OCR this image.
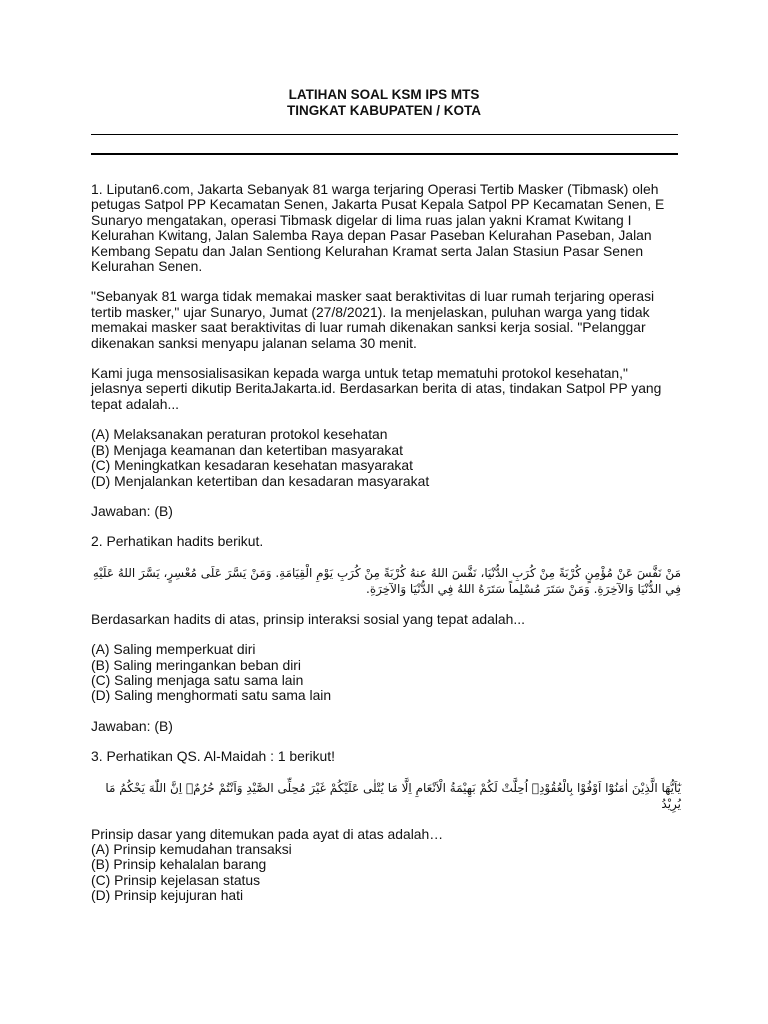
LATIHAN SOAL KSM IPS MTS
TINGKAT KABUPATEN / KOTA

1. Liputan6.com, Jakarta Sebanyak 81 warga terjaring Operasi Tertib Masker (Tibmask) oleh petugas Satpol PP Kecamatan Senen, Jakarta Pusat Kepala Satpol PP Kecamatan Senen, E Sunaryo mengatakan, operasi Tibmask digelar di lima ruas jalan yakni Kramat Kwitang I Kelurahan Kwitang, Jalan Salemba Raya depan Pasar Paseban Kelurahan Paseban, Jalan Kembang Sepatu dan Jalan Sentiong Kelurahan Kramat serta Jalan Stasiun Pasar Senen Kelurahan Senen.

"Sebanyak 81 warga tidak memakai masker saat beraktivitas di luar rumah terjaring operasi tertib masker," ujar Sunaryo, Jumat (27/8/2021). Ia menjelaskan, puluhan warga yang tidak memakai masker saat beraktivitas di luar rumah dikenakan sanksi kerja sosial. "Pelanggar dikenakan sanksi menyapu jalanan selama 30 menit.

Kami juga mensosialisasikan kepada warga untuk tetap mematuhi protokol kesehatan," jelasnya seperti dikutip BeritaJakarta.id. Berdasarkan berita di atas, tindakan Satpol PP yang tepat adalah...

(A) Melaksanakan peraturan protokol kesehatan

(B) Menjaga keamanan dan ketertiban masyarakat

(C) Meningkatkan kesadaran kesehatan masyarakat

(D) Menjalankan ketertiban dan kesadaran masyarakat

Jawaban: (B)

2. Perhatikan hadits berikut.

مَنْ نَفَّسَ عَنْ مُؤْمِنٍ كُرْبَةً مِنْ كُرَبِ الدُّنْيَا، نَفَّسَ اللهُ عنهُ كُرْبَةً مِنْ كُرَبِ يَوْمِ الْقِيَامَةِ. وَمَنْ يَسَّرَ عَلَى مُعْسِرٍ، يَسَّرَ اللهُ عَلَيْهِ فِي الدُّنْيَا وَالآخِرَةِ. وَمَنْ سَتَرَ مُسْلِماً سَتَرَهُ اللهُ فِي الدُّنْيَا وَالآخِرَةِ.

Berdasarkan hadits di atas, prinsip interaksi sosial yang tepat adalah...

(A) Saling memperkuat diri

(B) Saling meringankan beban diri

(C) Saling menjaga satu sama lain

(D) Saling menghormati satu sama lain

Jawaban: (B)

3. Perhatikan QS. Al-Maidah : 1 berikut!

يٰٓاَيُّهَا الَّذِيْنَ اٰمَنُوْٓا اَوْفُوْا بِالْعُقُوْدِۗ اُحِلَّتْ لَكُمْ بَهِيْمَةُ الْاَنْعَامِ اِلَّا مَا يُتْلٰى عَلَيْكُمْ غَيْرَ مُحِلِّى الصَّيْدِ وَاَنْتُمْ حُرُمٌۗ اِنَّ اللّٰهَ يَحْكُمُ مَا يُرِيْدُ

Prinsip dasar yang ditemukan pada ayat di atas adalah…

(A) Prinsip kemudahan transaksi

(B) Prinsip kehalalan barang

(C) Prinsip kejelasan status

(D) Prinsip kejujuran hati
